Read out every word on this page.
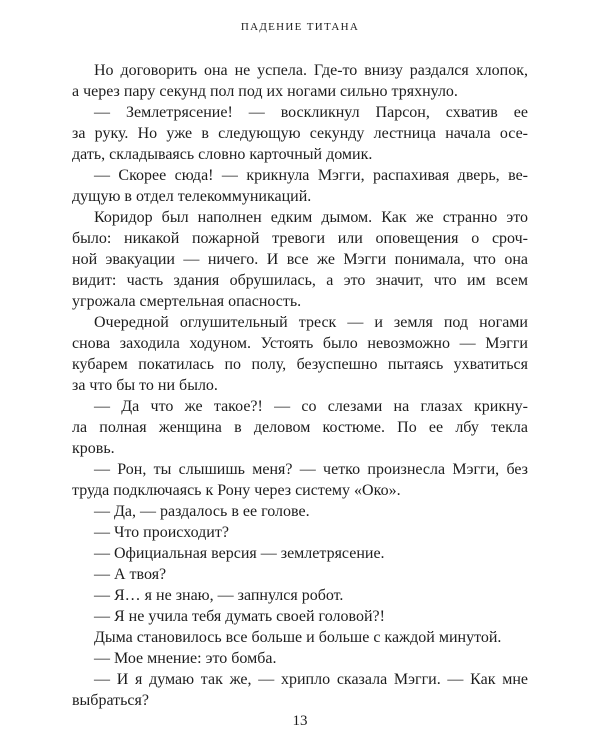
ПАДЕНИЕ ТИТАНА
Но договорить она не успела. Где-то внизу раздался хлопок,
а через пару секунд пол под их ногами сильно тряхнуло.
— Землетрясение! — воскликнул Парсон, схватив ее
за руку. Но уже в следующую секунду лестница начала осе-
дать, складываясь словно карточный домик.
— Скорее сюда! — крикнула Мэгги, распахивая дверь, ве-
дущую в отдел телекоммуникаций.
Коридор был наполнен едким дымом. Как же странно это
было: никакой пожарной тревоги или оповещения о сроч-
ной эвакуации — ничего. И все же Мэгги понимала, что она
видит: часть здания обрушилась, а это значит, что им всем
угрожала смертельная опасность.
Очередной оглушительный треск — и земля под ногами
снова заходила ходуном. Устоять было невозможно — Мэгги
кубарем покатилась по полу, безуспешно пытаясь ухватиться
за что бы то ни было.
— Да что же такое?! — со слезами на глазах крикну-
ла полная женщина в деловом костюме. По ее лбу текла
кровь.
— Рон, ты слышишь меня? — четко произнесла Мэгги, без
труда подключаясь к Рону через систему «Око».
— Да, — раздалось в ее голове.
— Что происходит?
— Официальная версия — землетрясение.
— А твоя?
— Я… я не знаю, — запнулся робот.
— Я не учила тебя думать своей головой?!
Дыма становилось все больше и больше с каждой минутой.
— Мое мнение: это бомба.
— И я думаю так же, — хрипло сказала Мэгги. — Как мне
выбраться?
13
